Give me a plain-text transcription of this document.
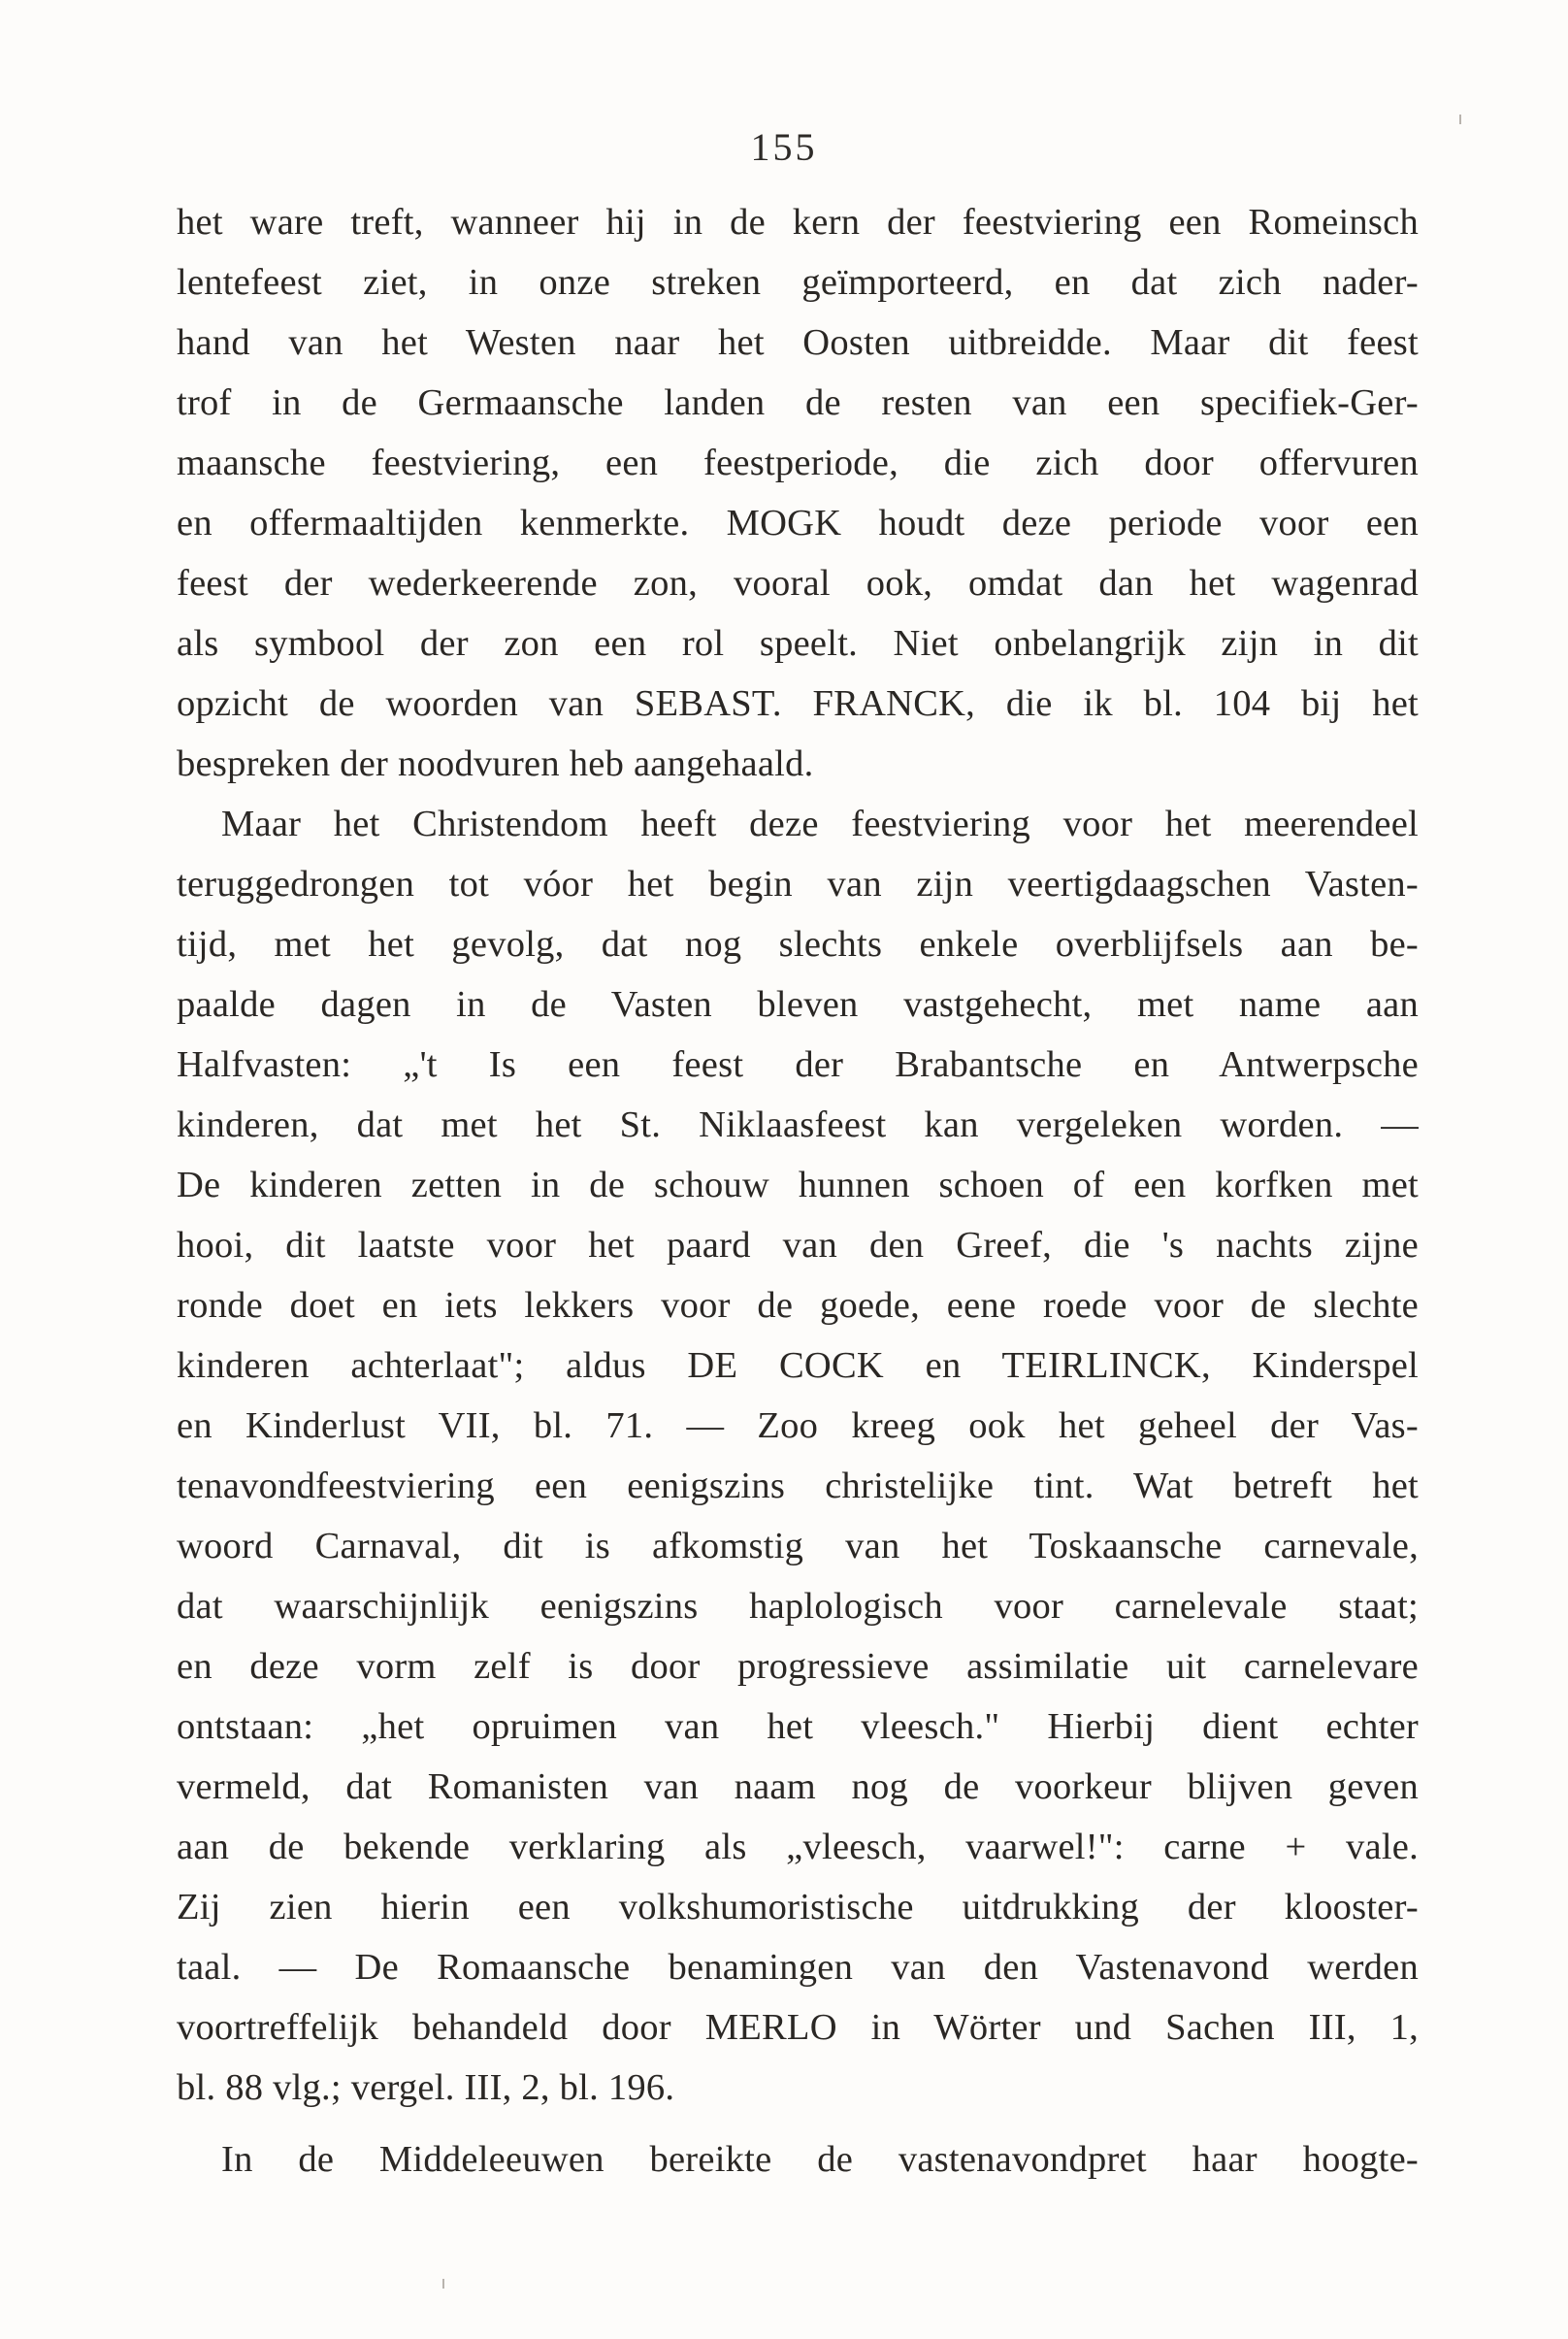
155
het ware treft, wanneer hij in de kern der feestviering een Romeinsch
lentefeest ziet, in onze streken geïmporteerd, en dat zich nader-
hand van het Westen naar het Oosten uitbreidde. Maar dit feest
trof in de Germaansche landen de resten van een specifiek-Ger-
maansche feestviering, een feestperiode, die zich door offervuren
en offermaaltijden kenmerkte. MOGK houdt deze periode voor een
feest der wederkeerende zon, vooral ook, omdat dan het wagenrad
als symbool der zon een rol speelt. Niet onbelangrijk zijn in dit
opzicht de woorden van SEBAST. FRANCK, die ik bl. 104 bij het
bespreken der noodvuren heb aangehaald.
Maar het Christendom heeft deze feestviering voor het meerendeel
teruggedrongen tot vóor het begin van zijn veertigdaagschen Vasten-
tijd, met het gevolg, dat nog slechts enkele overblijfsels aan be-
paalde dagen in de Vasten bleven vastgehecht, met name aan
Halfvasten: „'t Is een feest der Brabantsche en Antwerpsche
kinderen, dat met het St. Niklaasfeest kan vergeleken worden. —
De kinderen zetten in de schouw hunnen schoen of een korfken met
hooi, dit laatste voor het paard van den Greef, die 's nachts zijne
ronde doet en iets lekkers voor de goede, eene roede voor de slechte
kinderen achterlaat"; aldus DE COCK en TEIRLINCK, Kinderspel
en Kinderlust VII, bl. 71. — Zoo kreeg ook het geheel der Vas-
tenavondfeestviering een eenigszins christelijke tint. Wat betreft het
woord Carnaval, dit is afkomstig van het Toskaansche carnevale,
dat waarschijnlijk eenigszins haplologisch voor carnelevale staat;
en deze vorm zelf is door progressieve assimilatie uit carnelevare
ontstaan: „het opruimen van het vleesch." Hierbij dient echter
vermeld, dat Romanisten van naam nog de voorkeur blijven geven
aan de bekende verklaring als „vleesch, vaarwel!": carne + vale.
Zij zien hierin een volkshumoristische uitdrukking der klooster-
taal. — De Romaansche benamingen van den Vastenavond werden
voortreffelijk behandeld door MERLO in Wörter und Sachen III, 1,
bl. 88 vlg.; vergel. III, 2, bl. 196.
In de Middeleeuwen bereikte de vastenavondpret haar hoogte-
